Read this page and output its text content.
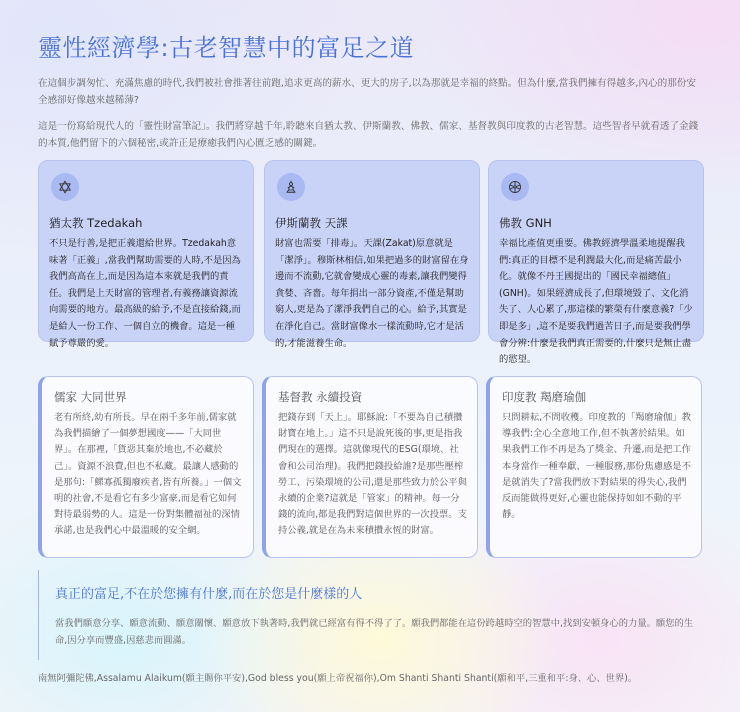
靈性經濟學:古老智慧中的富足之道

在這個步調匆忙、充滿焦慮的時代,我們被社會推著往前跑,追求更高的薪水、更大的房子,以為那就是幸福的終點。但為什麼,當我們擁有得越多,內心的那份安全感卻好像越來越稀薄?

這是一份寫給現代人的「靈性財富筆記」。我們將穿越千年,聆聽來自猶太教、伊斯蘭教、佛教、儒家、基督教與印度教的古老智慧。這些智者早就看透了金錢的本質,他們留下的六個秘密,或許正是療癒我們內心匱乏感的關鍵。

猶太教 Tzedakah

不只是行善,是把正義還給世界。Tzedakah意味著「正義」,當我們幫助需要的人時,不是因為我們高高在上,而是因為這本來就是我們的責任。我們是上天財富的管理者,有義務讓資源流向需要的地方。最高級的給予,不是直接給錢,而是給人一份工作、一個自立的機會。這是一種賦予尊嚴的愛。

伊斯蘭教 天課

財富也需要「排毒」。天課(Zakat)原意就是「潔淨」。穆斯林相信,如果把過多的財富留在身邊而不流動,它就會變成心靈的毒素,讓我們變得貪婪、吝嗇。每年捐出一部分資產,不僅是幫助窮人,更是為了潔淨我們自己的心。給予,其實是在淨化自己。當財富像水一樣流動時,它才是活的,才能滋養生命。

佛教 GNH

幸福比產值更重要。佛教經濟學溫柔地提醒我們:真正的目標不是利潤最大化,而是痛苦最小化。就像不丹王國提出的「國民幸福總值」(GNH)。如果經濟成長了,但環境毀了、文化消失了、人心累了,那這樣的繁榮有什麼意義?「少即是多」,這不是要我們過苦日子,而是要我們學會分辨:什麼是我們真正需要的,什麼只是無止盡的慾望。

儒家 大同世界

老有所終,幼有所長。早在兩千多年前,儒家就為我們描繪了一個夢想國度——「大同世界」。在那裡,「貨惡其棄於地也,不必藏於己」。資源不浪費,但也不私藏。最讓人感動的是那句:「鰥寡孤獨廢疾者,皆有所養。」一個文明的社會,不是看它有多少富豪,而是看它如何對待最弱勢的人。這是一份對集體福祉的深情承諾,也是我們心中最溫暖的安全網。

基督教 永續投資

把錢存到「天上」。耶穌說:「不要為自己積攢財寶在地上。」這不只是說死後的事,更是指我們現在的選擇。這就像現代的ESG(環境、社會和公司治理)。我們把錢投給誰?是那些壓榨勞工、污染環境的公司,還是那些致力於公平與永續的企業?這就是「管家」的精神。每一分錢的流向,都是我們對這個世界的一次投票。支持公義,就是在為未來積攢永恆的財富。

印度教 羯磨瑜伽

只問耕耘,不問收穫。印度教的「羯磨瑜伽」教導我們:全心全意地工作,但不執著於結果。如果我們工作不再是為了獎金、升遷,而是把工作本身當作一種奉獻、一種服務,那份焦慮感是不是就消失了?當我們放下對結果的得失心,我們反而能做得更好,心靈也能保持如如不動的平靜。

真正的富足,不在於您擁有什麼,而在於您是什麼樣的人

當我們願意分享、願意流動、願意關懷、願意放下執著時,我們就已經富有得不得了了。願我們都能在這份跨越時空的智慧中,找到安頓身心的力量。願您的生命,因分享而豐盛,因慈悲而圓滿。

南無阿彌陀佛,Assalamu Alaikum(願主賜你平安),God bless you(願上帝祝福你),Om Shanti Shanti Shanti(願和平,三重和平:身、心、世界)。
